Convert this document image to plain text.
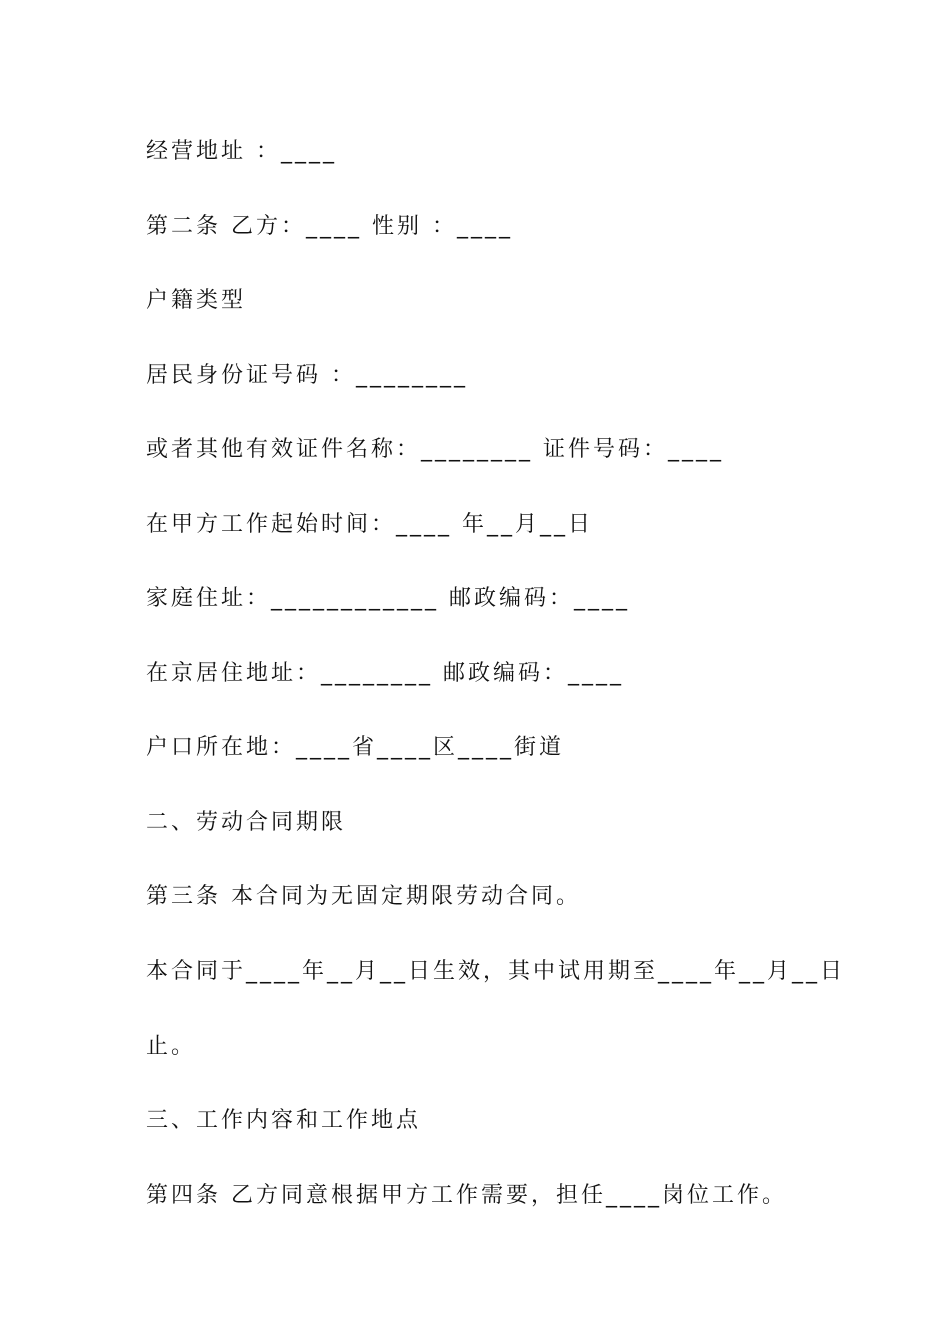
经营地址 ：____
第二条 乙方：____ 性别 ：____
户籍类型
居民身份证号码 ：________
或者其他有效证件名称：________ 证件号码：____
在甲方工作起始时间：____ 年__月__日
家庭住址：____________ 邮政编码：____
在京居住地址：________ 邮政编码：____
户口所在地：____省____区____街道
二、劳动合同期限
第三条 本合同为无固定期限劳动合同。
本合同于____年__月__日生效，其中试用期至____年__月__日
止。
三、工作内容和工作地点
第四条 乙方同意根据甲方工作需要，担任____岗位工作。
